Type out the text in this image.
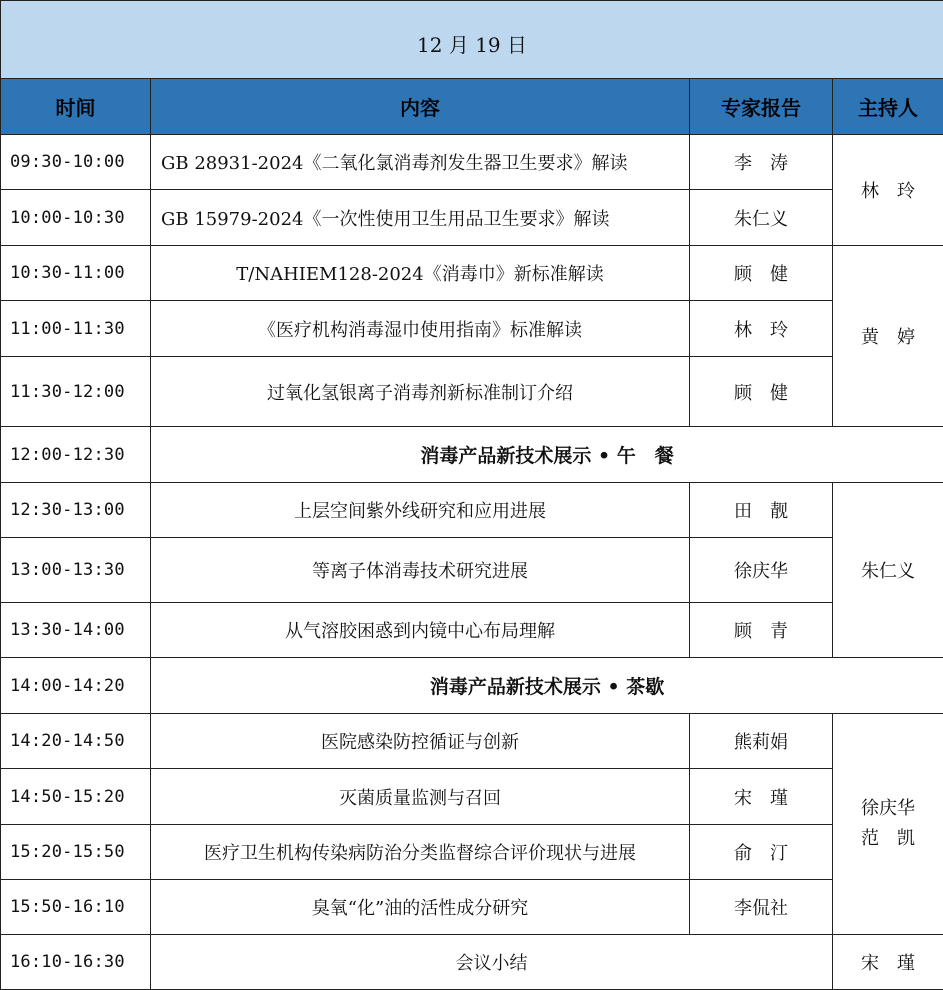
12 月 19 日			
时间	内容	专家报告	主持人
09:30-10:00	GB 28931-2024《二氧化氯消毒剂发生器卫生要求》解读	李　涛	林　玲
10:00-10:30	GB 15979-2024《一次性使用卫生用品卫生要求》解读	朱仁义	
10:30-11:00	T/NAHIEM128-2024《消毒巾》新标准解读	顾　健	黄　婷
11:00-11:30	《医疗机构消毒湿巾使用指南》标准解读	林　玲	
11:30-12:00	过氧化氢银离子消毒剂新标准制订介绍	顾　健	
12:00-12:30	消毒产品新技术展示 • 午　餐		
12:30-13:00	上层空间紫外线研究和应用进展	田　靓	朱仁义
13:00-13:30	等离子体消毒技术研究进展	徐庆华	
13:30-14:00	从气溶胶困惑到内镜中心布局理解	顾　青	
14:00-14:20	消毒产品新技术展示 • 茶歇		
14:20-14:50	医院感染防控循证与创新	熊莉娟	徐庆华
范　凯

14:50-15:20	灭菌质量监测与召回	宋　瑾	
15:20-15:50	医疗卫生机构传染病防治分类监督综合评价现状与进展	俞　汀	
15:50-16:10	臭氧“化”油的活性成分研究	李侃社	
16:10-16:30	会议小结		宋　瑾
